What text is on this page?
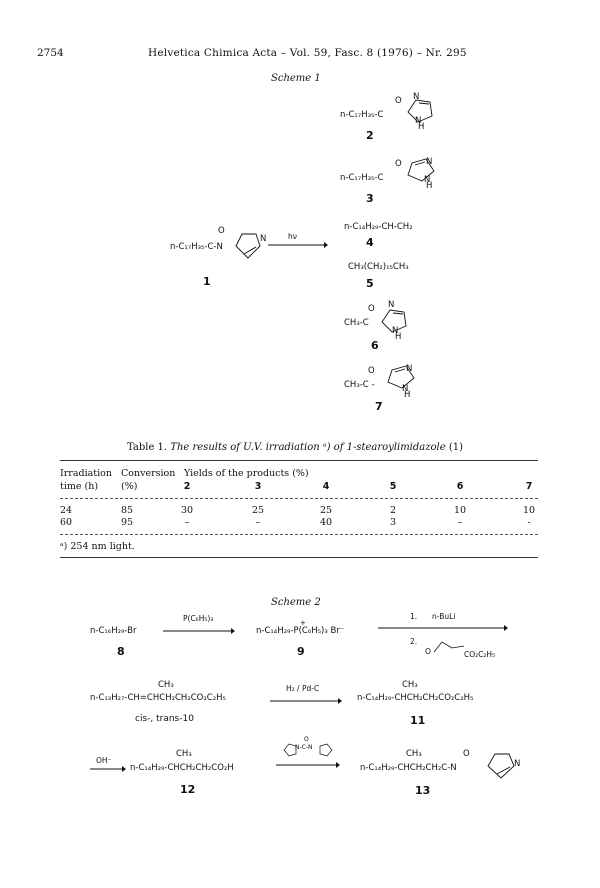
2754	Helvetica Chimica Acta – Vol. 59, Fasc. 8 (1976) – Nr. 295
Scheme 1
n-C₁₇H₃₅-C
O N
N
H
2
n-C₁₇H₃₅-C
O	N
N
H
3
n-C₁₇H₃₅-C-N
O
N
1
hν
n-C₁₄H₂₉-CH-CH₂
4
CH₃(CH₂)₁₅CH₃
5
CH₃-C
O N
N
H
6
CH₃-C -
O	N
N
H
7
Table 1. The results of U.V. irradiation ᵃ) of 1-stearoylimidazole (1)
Irradiation
time (h)
Conversion
(%)
Yields of the products (%)
2	3	4	5	6	7
24	85	30	25	25	2	10	10
60	95	–	–	40	3	–	-
ᵃ) 254 nm light.
Scheme 2
n-C₁₆H₂₉-Br
8
P(C₆H₅)₃
n-C₁₄H₂₉-P(C₆H₅)₃ Br⁻
+
9
1. n-BuLi
2.
O	CO₂C₂H₅
CH₃
n-C₁₃H₂₇-CH=CHCH₂CH₂CO₂C₂H₅
cis-, trans-10
H₂ / Pd-C	CH₃
n-C₁₄H₂₉-CHCH₂CH₂CO₂C₂H₅
11
OH⁻
CH₃
n-C₁₄H₂₉-CHCH₂CH₂CO₂H
12
O
N-C-N
CH₃	O
n-C₁₄H₂₉-CHCH₂CH₂C-N	N
13
